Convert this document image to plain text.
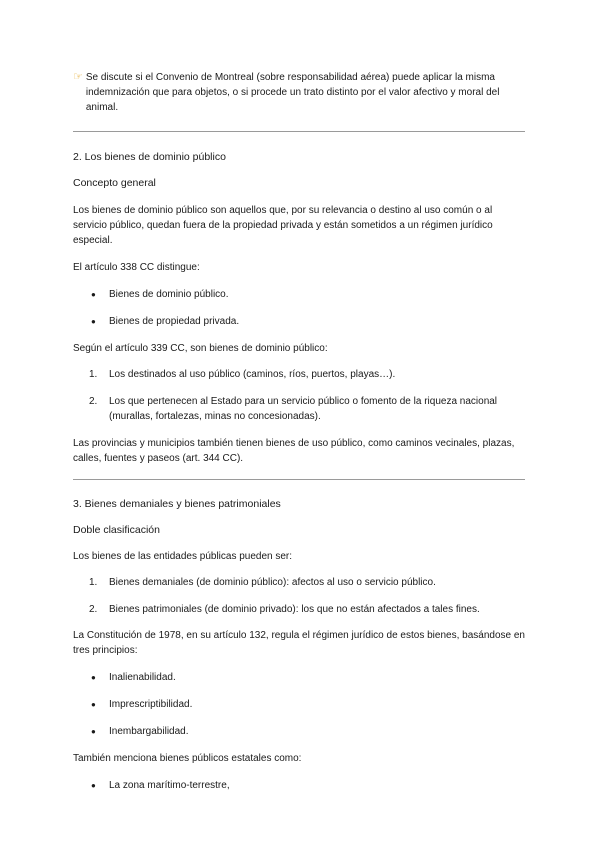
☞ Se discute si el Convenio de Montreal (sobre responsabilidad aérea) puede aplicar la misma indemnización que para objetos, o si procede un trato distinto por el valor afectivo y moral del animal.

2. Los bienes de dominio público

Concepto general

Los bienes de dominio público son aquellos que, por su relevancia o destino al uso común o al servicio público, quedan fuera de la propiedad privada y están sometidos a un régimen jurídico especial.

El artículo 338 CC distingue:

●	Bienes de dominio público.
●	Bienes de propiedad privada.

Según el artículo 339 CC, son bienes de dominio público:

1.	Los destinados al uso público (caminos, ríos, puertos, playas…).
2.	Los que pertenecen al Estado para un servicio público o fomento de la riqueza nacional (murallas, fortalezas, minas no concesionadas).

Las provincias y municipios también tienen bienes de uso público, como caminos vecinales, plazas, calles, fuentes y paseos (art. 344 CC).

3. Bienes demaniales y bienes patrimoniales

Doble clasificación

Los bienes de las entidades públicas pueden ser:

1.	Bienes demaniales (de dominio público): afectos al uso o servicio público.
2.	Bienes patrimoniales (de dominio privado): los que no están afectados a tales fines.

La Constitución de 1978, en su artículo 132, regula el régimen jurídico de estos bienes, basándose en tres principios:

●	Inalienabilidad.
●	Imprescriptibilidad.
●	Inembargabilidad.

También menciona bienes públicos estatales como:

●	La zona marítimo-terrestre,
